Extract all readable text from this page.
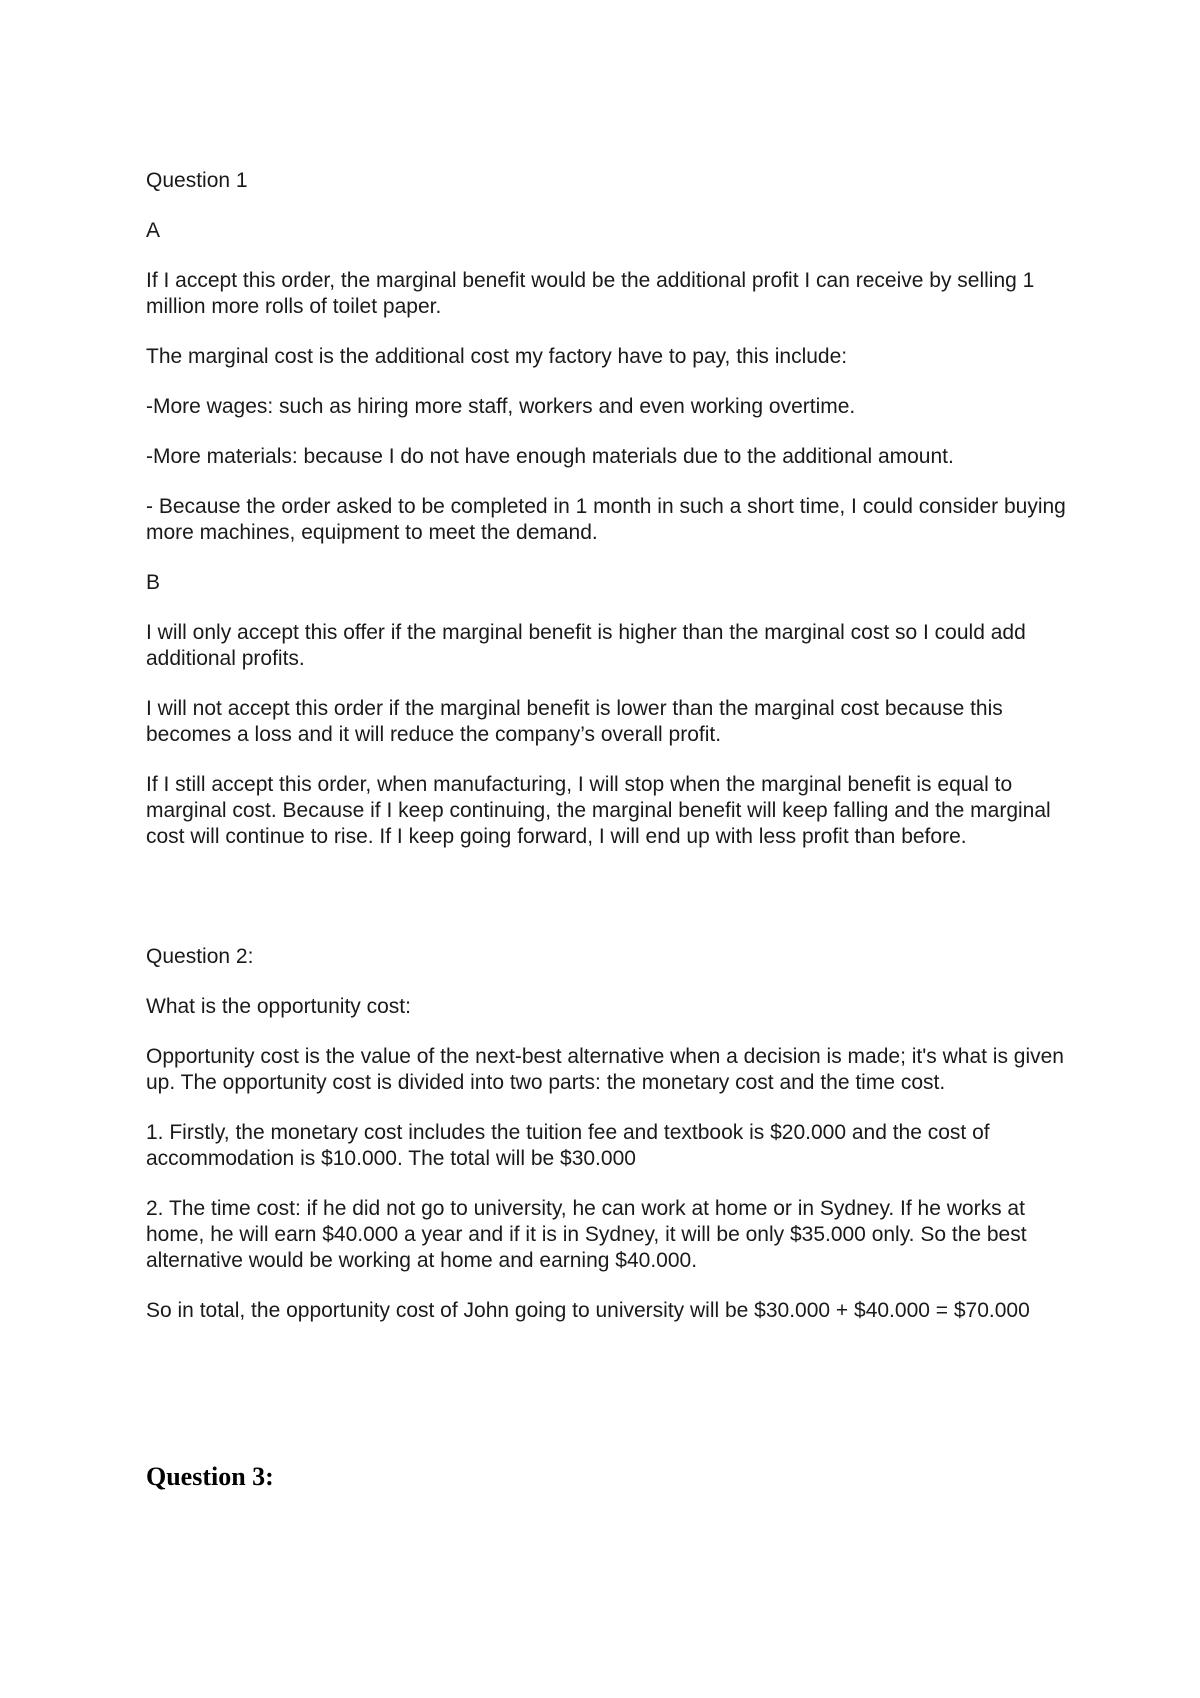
Question 1

A

If I accept this order, the marginal benefit would be the additional profit I can receive by selling 1 million more rolls of toilet paper.

The marginal cost is the additional cost my factory have to pay, this include:

-More wages: such as hiring more staff, workers and even working overtime.

-More materials: because I do not have enough materials due to the additional amount.

- Because the order asked to be completed in 1 month in such a short time, I could consider buying more machines, equipment to meet the demand.

B

I will only accept this offer if the marginal benefit is higher than the marginal cost so I could add additional profits.

I will not accept this order if the marginal benefit is lower than the marginal cost because this becomes a loss and it will reduce the company’s overall profit.

If I still accept this order, when manufacturing, I will stop when the marginal benefit is equal to marginal cost. Because if I keep continuing, the marginal benefit will keep falling and the marginal cost will continue to rise. If I keep going forward, I will end up with less profit than before.

Question 2:

What is the opportunity cost:

Opportunity cost is the value of the next-best alternative when a decision is made; it's what is given up. The opportunity cost is divided into two parts: the monetary cost and the time cost.

1. Firstly, the monetary cost includes the tuition fee and textbook is $20.000 and the cost of accommodation is $10.000. The total will be $30.000

2. The time cost: if he did not go to university, he can work at home or in Sydney. If he works at home, he will earn $40.000 a year and if it is in Sydney, it will be only $35.000 only. So the best alternative would be working at home and earning $40.000.

So in total, the opportunity cost of John going to university will be $30.000 + $40.000 = $70.000

Question 3:
